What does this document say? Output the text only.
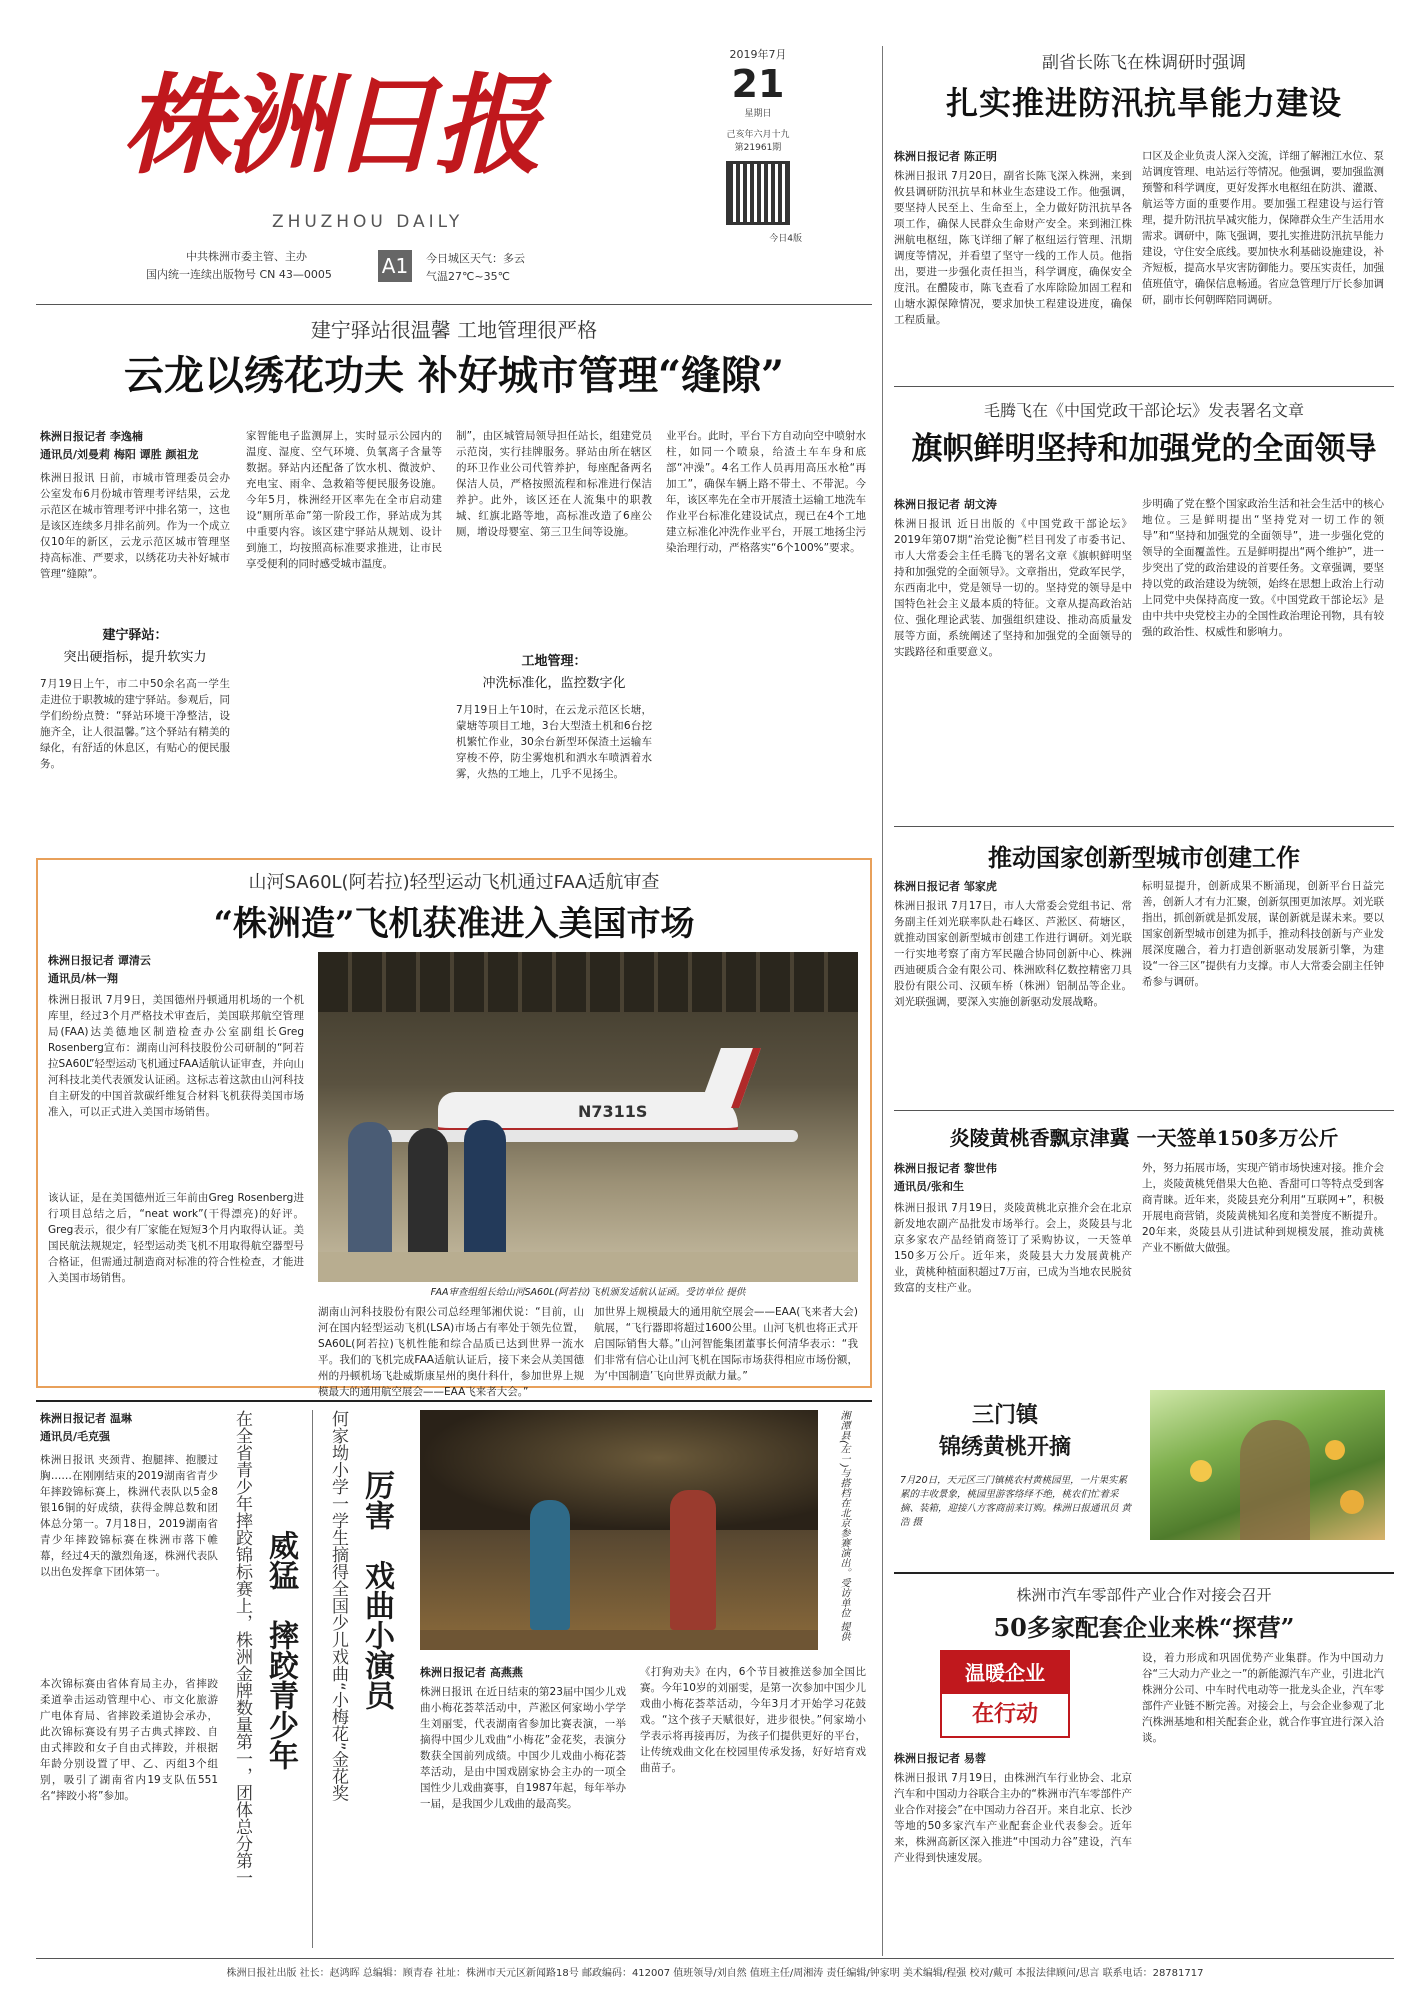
株洲日报
ZHUZHOU DAILY
中共株洲市委主管、主办
国内统一连续出版物号 CN 43—0005 A1	今日城区天气：多云
气温27℃~35℃
2019年7月
21
星期日
己亥年六月十九
第21961期
今日4版
副省长陈飞在株调研时强调
扎实推进防汛抗旱能力建设
株洲日报记者 陈正明
株洲日报讯 7月20日，副省长陈飞深入株洲，来到攸县调研防汛抗旱和林业生态建设工作。他强调，要坚持人民至上、生命至上，全力做好防汛抗旱各项工作，确保人民群众生命财产安全。来到湘江株洲航电枢纽，陈飞详细了解了枢纽运行管理、汛期调度等情况，并看望了坚守一线的工作人员。他指出，要进一步强化责任担当，科学调度，确保安全度汛。在醴陵市，陈飞查看了水库除险加固工程和山塘水源保障情况，要求加快工程建设进度，确保工程质量。
口区及企业负责人深入交流，详细了解湘江水位、泵站调度管理、电站运行等情况。他强调，要加强监测预警和科学调度，更好发挥水电枢纽在防洪、灌溉、航运等方面的重要作用。要加强工程建设与运行管理，提升防汛抗旱减灾能力，保障群众生产生活用水需求。调研中，陈飞强调，要扎实推进防汛抗旱能力建设，守住安全底线。要加快水利基础设施建设，补齐短板，提高水旱灾害防御能力。要压实责任，加强值班值守，确保信息畅通。省应急管理厅厅长参加调研，副市长何朝晖陪同调研。
毛腾飞在《中国党政干部论坛》发表署名文章
旗帜鲜明坚持和加强党的全面领导
株洲日报记者 胡文涛
株洲日报讯 近日出版的《中国党政干部论坛》2019年第07期“治党论衡”栏目刊发了市委书记、市人大常委会主任毛腾飞的署名文章《旗帜鲜明坚持和加强党的全面领导》。文章指出，党政军民学，东西南北中，党是领导一切的。坚持党的领导是中国特色社会主义最本质的特征。文章从提高政治站位、强化理论武装、加强组织建设、推动高质量发展等方面，系统阐述了坚持和加强党的全面领导的实践路径和重要意义。
步明确了党在整个国家政治生活和社会生活中的核心地位。三是鲜明提出“坚持党对一切工作的领导”和“坚持和加强党的全面领导”，进一步强化党的领导的全面覆盖性。五是鲜明提出“两个维护”，进一步突出了党的政治建设的首要任务。文章强调，要坚持以党的政治建设为统领，始终在思想上政治上行动上同党中央保持高度一致。《中国党政干部论坛》是由中共中央党校主办的全国性政治理论刊物，具有较强的政治性、权威性和影响力。
推动国家创新型城市创建工作
株洲日报记者 邹家虎
株洲日报讯 7月17日，市人大常委会党组书记、常务副主任刘光联率队赴石峰区、芦淞区、荷塘区，就推动国家创新型城市创建工作进行调研。刘光联一行实地考察了南方军民融合协同创新中心、株洲西迪硬质合金有限公司、株洲欧科亿数控精密刀具股份有限公司、汉硕车桥（株洲）铝制品等企业。刘光联强调，要深入实施创新驱动发展战略。
标明显提升，创新成果不断涌现，创新平台日益完善，创新人才有力汇聚，创新氛围更加浓厚。刘光联指出，抓创新就是抓发展，谋创新就是谋未来。要以国家创新型城市创建为抓手，推动科技创新与产业发展深度融合，着力打造创新驱动发展新引擎，为建设“一谷三区”提供有力支撑。市人大常委会副主任钟希参与调研。
炎陵黄桃香飘京津冀 一天签单150多万公斤
株洲日报记者 黎世伟
通讯员/张和生
株洲日报讯 7月19日，炎陵黄桃北京推介会在北京新发地农副产品批发市场举行。会上，炎陵县与北京多家农产品经销商签订了采购协议，一天签单150多万公斤。近年来，炎陵县大力发展黄桃产业，黄桃种植面积超过7万亩，已成为当地农民脱贫致富的支柱产业。
外，努力拓展市场，实现产销市场快速对接。推介会上，炎陵黄桃凭借果大色艳、香甜可口等特点受到客商青睐。近年来，炎陵县充分利用“互联网+”，积极开展电商营销，炎陵黄桃知名度和美誉度不断提升。20年来，炎陵县从引进试种到规模发展，推动黄桃产业不断做大做强。
三门镇
锦绣黄桃开摘
7月20日，天元区三门镇桃农村黄桃园里，一片果实累累的丰收景象，桃园里游客络绎不绝，桃农们忙着采摘、装箱，迎接八方客商前来订购。株洲日报通讯员 黄浩 摄
株洲市汽车零部件产业合作对接会召开
50多家配套企业来株“探营”
温暖企业
在行动
株洲日报记者 易蓉
株洲日报讯 7月19日，由株洲汽车行业协会、北京汽车和中国动力谷联合主办的“株洲市汽车零部件产业合作对接会”在中国动力谷召开。来自北京、长沙等地的50多家汽车产业配套企业代表参会。近年来，株洲高新区深入推进“中国动力谷”建设，汽车产业得到快速发展。
设，着力形成和巩固优势产业集群。作为中国动力谷“三大动力产业之一”的新能源汽车产业，引进北汽株洲分公司、中车时代电动等一批龙头企业，汽车零部件产业链不断完善。对接会上，与会企业参观了北汽株洲基地和相关配套企业，就合作事宜进行深入洽谈。
建宁驿站很温馨 工地管理很严格
云龙以绣花功夫 补好城市管理“缝隙”
株洲日报记者 李逸楠
通讯员/刘曼莉 梅阳 谭胜 颜祖龙
株洲日报讯 日前，市城市管理委员会办公室发布6月份城市管理考评结果，云龙示范区在城市管理考评中排名第一，这也是该区连续多月排名前列。作为一个成立仅10年的新区，云龙示范区城市管理坚持高标准、严要求，以绣花功夫补好城市管理“缝隙”。
建宁驿站：
突出硬指标，提升软实力
7月19日上午，市二中50余名高一学生走进位于职教城的建宁驿站。参观后，同学们纷纷点赞：“驿站环境干净整洁，设施齐全，让人很温馨。”这个驿站有精美的绿化，有舒适的休息区，有贴心的便民服务。
家智能电子监测屏上，实时显示公园内的温度、湿度、空气环境、负氧离子含量等数据。驿站内还配备了饮水机、微波炉、充电宝、雨伞、急救箱等便民服务设施。今年5月，株洲经开区率先在全市启动建设“厕所革命”第一阶段工作，驿站成为其中重要内容。该区建宁驿站从规划、设计到施工，均按照高标准要求推进，让市民享受便利的同时感受城市温度。
制”，由区城管局领导担任站长，组建党员示范岗，实行挂牌服务。驿站由所在辖区的环卫作业公司代管养护，每座配备两名保洁人员，严格按照流程和标准进行保洁养护。此外，该区还在人流集中的职教城、红旗北路等地，高标准改造了6座公厕，增设母婴室、第三卫生间等设施。
工地管理：
冲洗标准化，监控数字化
7月19日上午10时，在云龙示范区长塘，蒙塘等项目工地，3台大型渣土机和6台挖机繁忙作业，30余台新型环保渣土运输车穿梭不停，防尘雾炮机和洒水车喷洒着水雾，火热的工地上，几乎不见扬尘。
业平台。此时，平台下方自动向空中喷射水柱，如同一个喷泉，给渣土车车身和底部“冲澡”。4名工作人员再用高压水枪“再加工”，确保车辆上路不带土、不带泥。今年，该区率先在全市开展渣土运输工地洗车作业平台标准化建设试点，现已在4个工地建立标准化冲洗作业平台，开展工地扬尘污染治理行动，严格落实“6个100%”要求。
山河SA60L(阿若拉)轻型运动飞机通过FAA适航审查
“株洲造”飞机获准进入美国市场
株洲日报记者 谭清云
通讯员/林一翔
株洲日报讯 7月9日，美国德州丹顿通用机场的一个机库里，经过3个月严格技术审查后，美国联邦航空管理局(FAA)达美德地区制造检查办公室副组长Greg Rosenberg宣布：湖南山河科技股份公司研制的“阿若拉SA60L”轻型运动飞机通过FAA适航认证审查，并向山河科技北美代表颁发认证函。这标志着这款由山河科技自主研发的中国首款碳纤维复合材料飞机获得美国市场准入，可以正式进入美国市场销售。
该认证，是在美国德州近三年前由Greg Rosenberg进行项目总结之后，“neat work”(干得漂亮)的好评。Greg表示，很少有厂家能在短短3个月内取得认证。美国民航法规规定，轻型运动类飞机不用取得航空器型号合格证，但需通过制造商对标准的符合性检查，才能进入美国市场销售。
N7311S
FAA审查组组长给山河SA60L(阿若拉)飞机颁发适航认证函。受访单位 提供
湖南山河科技股份有限公司总经理邹湘伏说：“目前，山河在国内轻型运动飞机(LSA)市场占有率处于领先位置，SA60L(阿若拉)飞机性能和综合品质已达到世界一流水平。我们的飞机完成FAA适航认证后，接下来会从美国德州的丹顿机场飞赴威斯康星州的奥什科什，参加世界上规模最大的通用航空展会——EAA飞来者大会。”
加世界上规模最大的通用航空展会——EAA(飞来者大会)航展，“飞行器即将超过1600公里。山河飞机也将正式开启国际销售大幕。”山河智能集团董事长何清华表示：“我们非常有信心让山河飞机在国际市场获得相应市场份额，为‘中国制造’飞向世界贡献力量。”
株洲日报记者 温琳
通讯员/毛克强
株洲日报讯 夹颈背、抱腿摔、抱腰过胸……在刚刚结束的2019湖南省青少年摔跤锦标赛上，株洲代表队以5金8银16铜的好成绩，获得金牌总数和团体总分第一。7月18日，2019湖南省青少年摔跤锦标赛在株洲市落下帷幕，经过4天的激烈角逐，株洲代表队以出色发挥拿下团体第一。
本次锦标赛由省体育局主办，省摔跤柔道拳击运动管理中心、市文化旅游广电体育局、省摔跤柔道协会承办，此次锦标赛设有男子古典式摔跤、自由式摔跤和女子自由式摔跤，并根据年龄分别设置了甲、乙、丙组3个组别，吸引了湖南省内19支队伍551名“摔跤小将”参加。	在全省青少年摔跤锦标赛上，株洲金牌数量第一，团体总分第一 威猛
摔跤青少年	何家坳小学一学生摘得全国少儿戏曲“小梅花”金花奖 厉害
戏曲小演员	湘潭县(左一)与搭档在北京参赛演出。受访单位 提供
株洲日报记者 高燕燕
株洲日报讯 在近日结束的第23届中国少儿戏曲小梅花荟萃活动中，芦淞区何家坳小学学生刘丽雯，代表湖南省参加比赛表演，一举摘得中国少儿戏曲“小梅花”金花奖，表演分数获全国前列成绩。中国少儿戏曲小梅花荟萃活动，是由中国戏剧家协会主办的一项全国性少儿戏曲赛事，自1987年起，每年举办一届，是我国少儿戏曲的最高奖。
《打狗劝夫》在内，6个节目被推送参加全国比赛。今年10岁的刘丽雯，是第一次参加中国少儿戏曲小梅花荟萃活动，今年3月才开始学习花鼓戏。“这个孩子天赋很好，进步很快。”何家坳小学表示将再接再厉，为孩子们提供更好的平台，让传统戏曲文化在校园里传承发扬，好好培育戏曲苗子。
株洲日报社出版 社长：赵鸿晖 总编辑：顾青春 社址：株洲市天元区新闻路18号 邮政编码：412007 值班领导/刘自然 值班主任/周湘涛 责任编辑/钟家明 美术编辑/程强 校对/戴可 本报法律顾问/思言 联系电话：28781717
